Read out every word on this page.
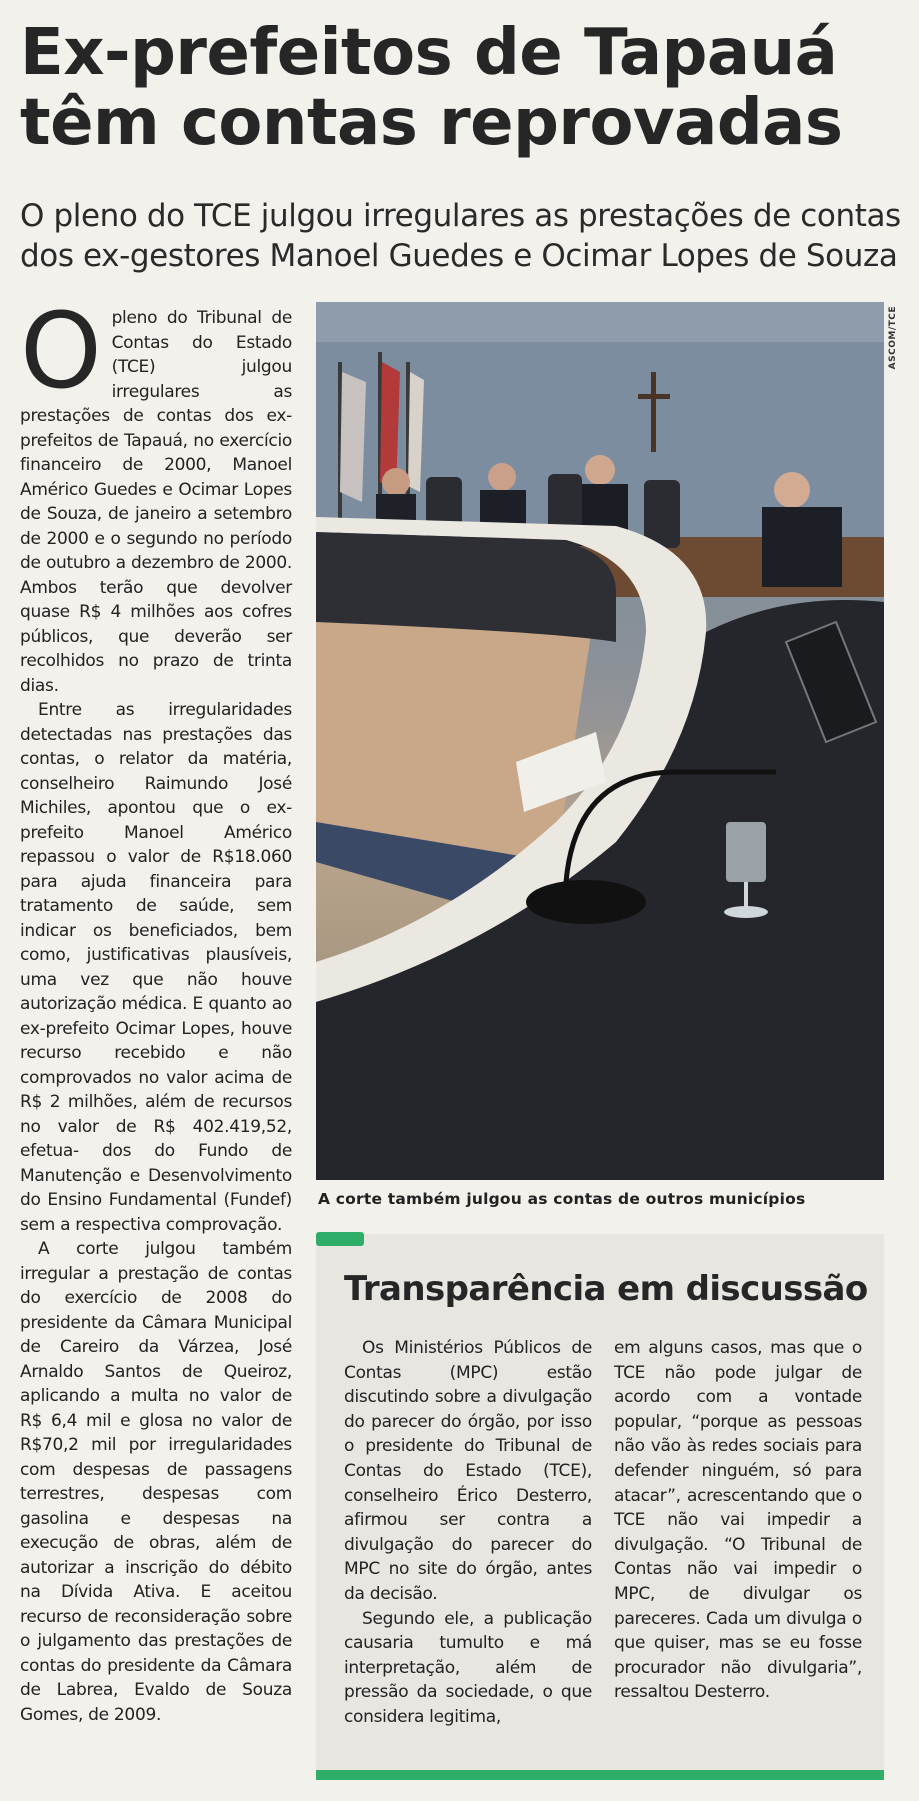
Ex-prefeitos de Tapauá
têm contas reprovadas

O pleno do TCE julgou irregulares as prestações de contas dos ex-gestores Manoel Guedes e Ocimar Lopes de Souza

Opleno do Tribunal de Contas do Estado (TCE) julgou irregulares as prestações de contas dos ex-prefeitos de Tapauá, no exercício financeiro de 2000, Manoel Américo Guedes e Ocimar Lopes de Souza, de janeiro a setembro de 2000 e o segundo no período de outubro a dezembro de 2000. Ambos terão que devolver quase R$ 4 milhões aos cofres públicos, que deverão ser recolhidos no prazo de trinta dias.

Entre as irregularidades detectadas nas prestações das contas, o relator da matéria, conselheiro Raimundo José Michiles, apontou que o ex-prefeito Manoel Américo repassou o valor de R$18.060 para ajuda financeira para tratamento de saúde, sem indicar os beneficiados, bem como, justificativas plausíveis, uma vez que não houve autorização médica. E quanto ao ex-prefeito Ocimar Lopes, houve recurso recebido e não comprovados no valor acima de R$ 2 milhões, além de recursos no valor de R$ 402.419,52, efetua- dos do Fundo de Manutenção e Desenvolvimento do Ensino Fundamental (Fundef) sem a respectiva comprovação.

A corte julgou também irregular a prestação de contas do exercício de 2008 do presidente da Câmara Municipal de Careiro da Várzea, José Arnaldo Santos de Queiroz, aplicando a multa no valor de R$ 6,4 mil e glosa no valor de R$70,2 mil por irregularidades com despesas de passagens terrestres, despesas com gasolina e despesas na execução de obras, além de autorizar a inscrição do débito na Dívida Ativa. E aceitou recurso de reconsideração sobre o julgamento das prestações de contas do presidente da Câmara de Labrea, Evaldo de Souza Gomes, de 2009.

ASCOM/TCE
A corte também julgou as contas de outros municípios
Transparência em discussão

Os Ministérios Públicos de Contas (MPC) estão discutindo sobre a divulgação do parecer do órgão, por isso o presidente do Tribunal de Contas do Estado (TCE), conselheiro Érico Desterro, afirmou ser contra a divulgação do parecer do MPC no site do órgão, antes da decisão.

Segundo ele, a publicação causaria tumulto e má interpretação, além de pressão da sociedade, o que considera legitima,

em alguns casos, mas que o TCE não pode julgar de acordo com a vontade popular, “porque as pessoas não vão às redes sociais para defender ninguém, só para atacar”, acrescentando que o TCE não vai impedir a divulgação. “O Tribunal de Contas não vai impedir o MPC, de divulgar os pareceres. Cada um divulga o que quiser, mas se eu fosse procurador não divulgaria”, ressaltou Desterro.
